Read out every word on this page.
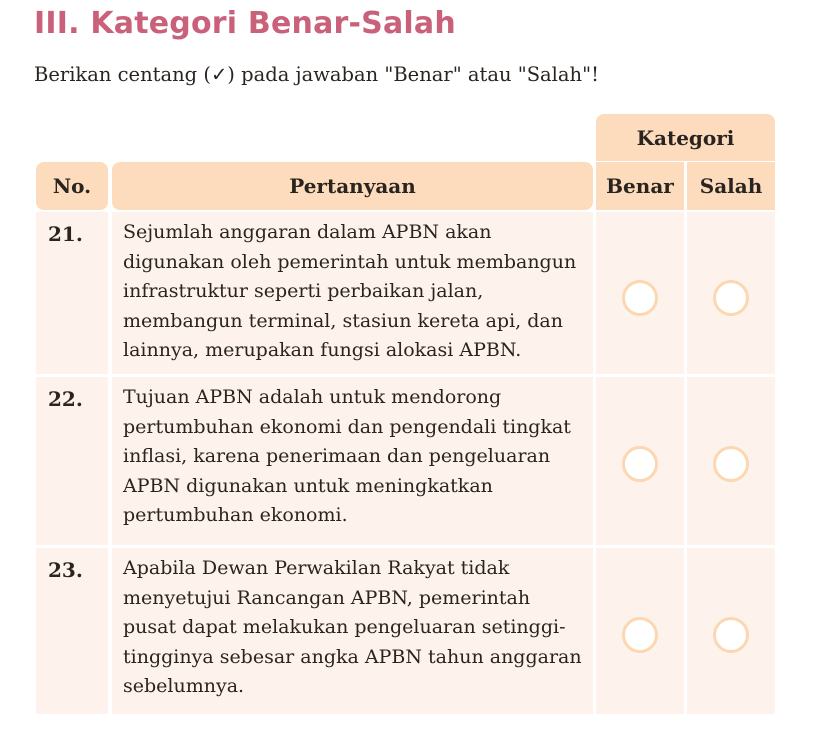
III. Kategori Benar-Salah

Berikan centang (✓) pada jawaban "Benar" atau "Salah"!

Kategori
No.	Pertanyaan	Benar	Salah
21.	Sejumlah anggaran dalam APBN akan digunakan oleh pemerintah untuk membangun infrastruktur seperti perbaikan jalan, membangun terminal, stasiun kereta api, dan lainnya, merupakan fungsi alokasi APBN.
22.	Tujuan APBN adalah untuk mendorong pertumbuhan ekonomi dan pengendali tingkat inflasi, karena penerimaan dan pengeluaran APBN digunakan untuk meningkatkan pertumbuhan ekonomi.
23.	Apabila Dewan Perwakilan Rakyat tidak menyetujui Rancangan APBN, pemerintah pusat dapat melakukan pengeluaran setinggi-tingginya sebesar angka APBN tahun anggaran sebelumnya.
